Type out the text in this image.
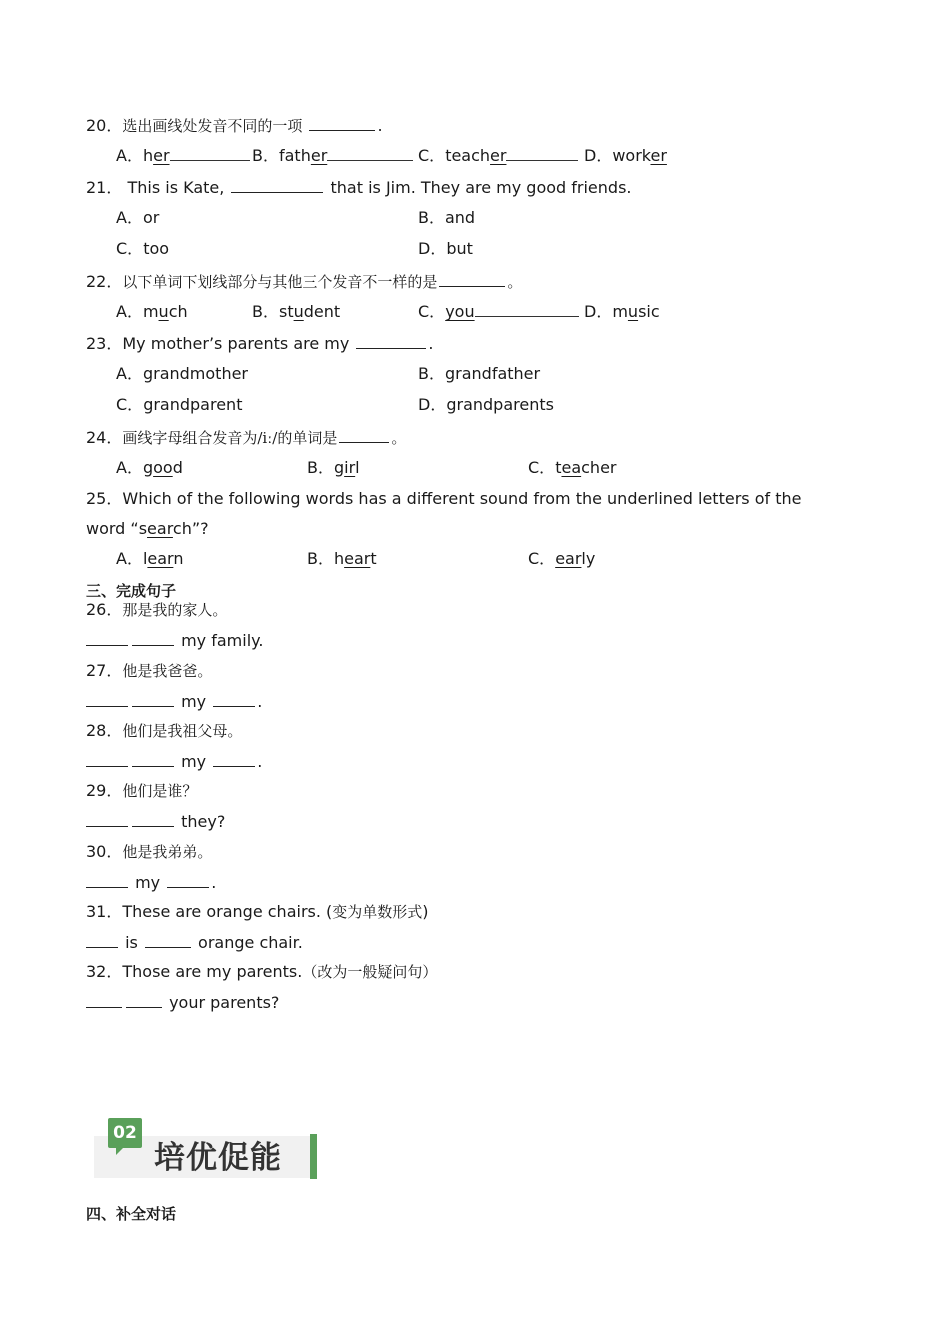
20．选出画线处发音不同的一项	.
A．her	B．father	C．teacher	D．worker
21． This is Kate,	that is Jim. They are my good friends.
A．or	B．and
C．too	D．but
22．以下单词下划线部分与其他三个发音不一样的是	。
A．much	B．student	C．you	D．music
23．My mother’s parents are my	.
A．grandmother	B．grandfather
C．grandparent	D．grandparents
24．画线字母组合发音为/iː/的单词是	。
A．good	B．girl	C．teacher
25．Which of the following words has a different sound from the underlined letters of the
word “search”?
A．learn	B．heart	C．early
三、完成句子
26．那是我的家人。
my family.
27．他是我爸爸。
my	.
28．他们是我祖父母。
my	.
29．他们是谁？
they?
30．他是我弟弟。
my	.
31．These are orange chairs. (变为单数形式)
is	orange chair.
32．Those are my parents.（改为一般疑问句）
your parents?
02
培优促能
四、补全对话
